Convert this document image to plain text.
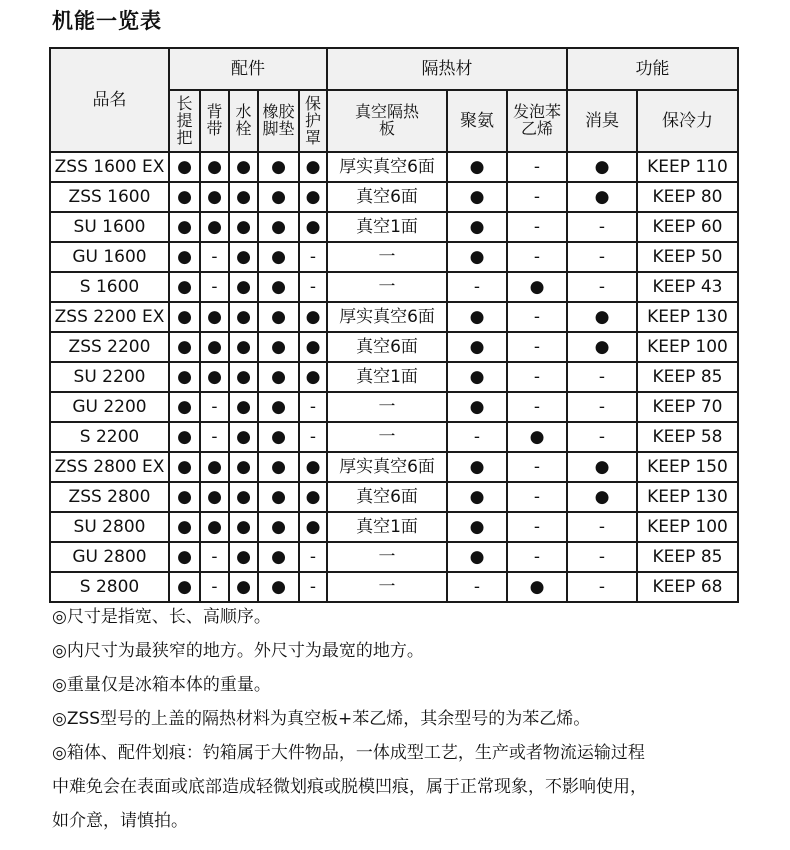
机能一览表
品名	配件					隔热材			功能	
	长提把	背带	水栓	橡胶脚垫	保护罩	真空隔热板	聚氨	发泡苯乙烯	消臭	保冷力
ZSS 1600 EX	●	●	●	●	●	厚实真空6面	●	-	●	KEEP 110
ZSS 1600	●	●	●	●	●	真空6面	●	-	●	KEEP 80
SU 1600	●	●	●	●	●	真空1面	●	-	-	KEEP 60
GU 1600	●	-	●	●	-	一	●	-	-	KEEP 50
S 1600	●	-	●	●	-	一	-	●	-	KEEP 43
ZSS 2200 EX	●	●	●	●	●	厚实真空6面	●	-	●	KEEP 130
ZSS 2200	●	●	●	●	●	真空6面	●	-	●	KEEP 100
SU 2200	●	●	●	●	●	真空1面	●	-	-	KEEP 85
GU 2200	●	-	●	●	-	一	●	-	-	KEEP 70
S 2200	●	-	●	●	-	一	-	●	-	KEEP 58
ZSS 2800 EX	●	●	●	●	●	厚实真空6面	●	-	●	KEEP 150
ZSS 2800	●	●	●	●	●	真空6面	●	-	●	KEEP 130
SU 2800	●	●	●	●	●	真空1面	●	-	-	KEEP 100
GU 2800	●	-	●	●	-	一	●	-	-	KEEP 85
S 2800	●	-	●	●	-	一	-	●	-	KEEP 68
◎尺寸是指宽、长、高顺序。
◎内尺寸为最狭窄的地方。外尺寸为最宽的地方。
◎重量仅是冰箱本体的重量。
◎ZSS型号的上盖的隔热材料为真空板+苯乙烯，其余型号的为苯乙烯。
◎箱体、配件划痕：钓箱属于大件物品，一体成型工艺，生产或者物流运输过程
中难免会在表面或底部造成轻微划痕或脱模凹痕，属于正常现象，不影响使用，
如介意，请慎拍。
